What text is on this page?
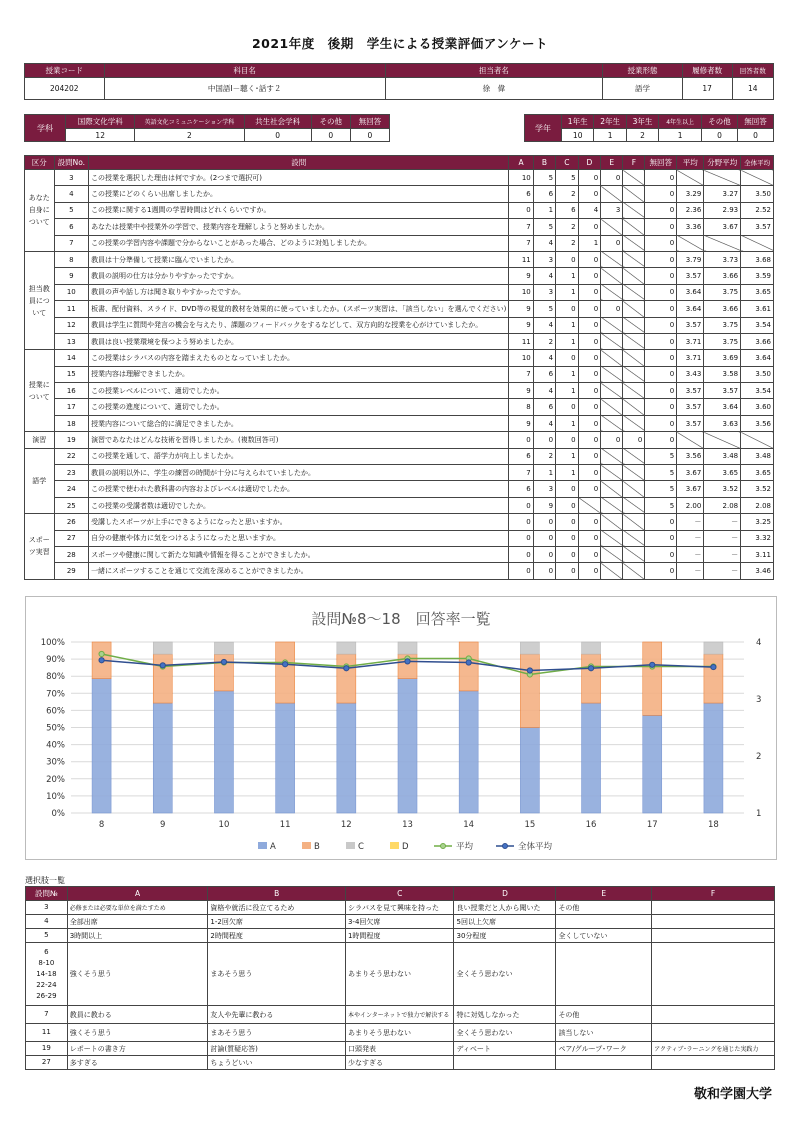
2021年度　後期　学生による授業評価アンケート
授業コード	科目名	担当者名	授業形態	履修者数	回答者数
204202	中国語Ⅰ－聴く･話す２	徐　偉	語学	17	14
学科	国際文化学科	英語文化コミュニケーション学科	共生社会学科	その他	無回答
	12	2	0	0	0
学年	1年生	2年生	3年生	4年生以上	その他	無回答
	10	1	2	1	0	0
区分	設問No.	設問	A	B	C	D	E	F	無回答	平均	分野平均	全体平均
あなた自身について	3	この授業を選択した理由は何ですか。(2つまで選択可)	10	5	5	0	0		0			
	4	この授業にどのくらい出席しましたか。	6	6	2	0			0	3.29	3.27	3.50
	5	この授業に関する1週間の学習時間はどれくらいですか。	0	1	6	4	3		0	2.36	2.93	2.52
	6	あなたは授業中や授業外の学習で、授業内容を理解しようと努めましたか。	7	5	2	0			0	3.36	3.67	3.57
	7	この授業の学習内容や課題で分からないことがあった場合、どのように対処しましたか。	7	4	2	1	0		0			
担当教員について	8	教員は十分準備して授業に臨んでいましたか。	11	3	0	0			0	3.79	3.73	3.68
	9	教員の説明の仕方は分かりやすかったですか。	9	4	1	0			0	3.57	3.66	3.59
	10	教員の声や話し方は聞き取りやすかったですか。	10	3	1	0			0	3.64	3.75	3.65
	11	板書、配付資料、スライド、DVD等の視覚的教材を効果的に使っていましたか。(スポーツ実習は、「該当しない」を選んでください)	9	5	0	0	0		0	3.64	3.66	3.61
	12	教員は学生に質問や発言の機会を与えたり、課題のフィードバックをするなどして、双方向的な授業を心がけていましたか。	9	4	1	0			0	3.57	3.75	3.54
	13	教員は良い授業環境を保つよう努めましたか。	11	2	1	0			0	3.71	3.75	3.66
授業について	14	この授業はシラバスの内容を踏まえたものとなっていましたか。	10	4	0	0			0	3.71	3.69	3.64
	15	授業内容は理解できましたか。	7	6	1	0			0	3.43	3.58	3.50
	16	この授業レベルについて、適切でしたか。	9	4	1	0			0	3.57	3.57	3.54
	17	この授業の進度について、適切でしたか。	8	6	0	0			0	3.57	3.64	3.60
	18	授業内容について総合的に満足できましたか。	9	4	1	0			0	3.57	3.63	3.56
演習	19	演習であなたはどんな技術を習得しましたか。(複数回答可)	0	0	0	0	0	0	0			
語学	22	この授業を通して、語学力が向上しましたか。	6	2	1	0			5	3.56	3.48	3.48
	23	教員の説明以外に、学生の練習の時間が十分に与えられていましたか。	7	1	1	0			5	3.67	3.65	3.65
	24	この授業で使われた教科書の内容およびレベルは適切でしたか。	6	3	0	0			5	3.67	3.52	3.52
	25	この授業の受講者数は適切でしたか。	0	9	0				5	2.00	2.08	2.08
スポーツ実習	26	受講したスポーツが上手にできるようになったと思いますか。	0	0	0	0			0	－	－	3.25
	27	自分の健康や体力に気をつけるようになったと思いますか。	0	0	0	0			0	－	－	3.32
	28	スポーツや健康に関して新たな知識や情報を得ることができましたか。	0	0	0	0			0	－	－	3.11
	29	一緒にスポーツすることを通じて交流を深めることができましたか。	0	0	0	0			0	－	－	3.46
設問№8～18　回答率一覧
0%
10%
20%
30%
40%
50%
60%
70%
80%
90%
100%
1
2
3
4
8	9	10	11	12	13	14	15	16	17	18
A	B	C	D	平均	全体平均
選択肢一覧
設問№	A	B	C	D	E	F
3	必修または必要な単位を満たすため	資格や就活に役立てるため	シラバスを見て興味を持った	良い授業だと人から聞いた	その他	
4	全部出席	1-2回欠席	3-4回欠席	5回以上欠席		
5	3時間以上	2時間程度	1時間程度	30分程度	全くしていない	
6
8-10
14-18
22-24
26-29	強くそう思う	まあそう思う	あまりそう思わない	全くそう思わない		
7	教員に教わる	友人や先輩に教わる	本やインターネットで独力で解決する	特に対処しなかった	その他	
11	強くそう思う	まあそう思う	あまりそう思わない	全くそう思わない	該当しない	
19	レポートの書き方	討論(質疑応答)	口頭発表	ディベート	ペア/グループ･ワーク	アクティブ･ラーニングを通じた実践力
27	多すぎる	ちょうどいい	少なすぎる			
敬和学園大学
